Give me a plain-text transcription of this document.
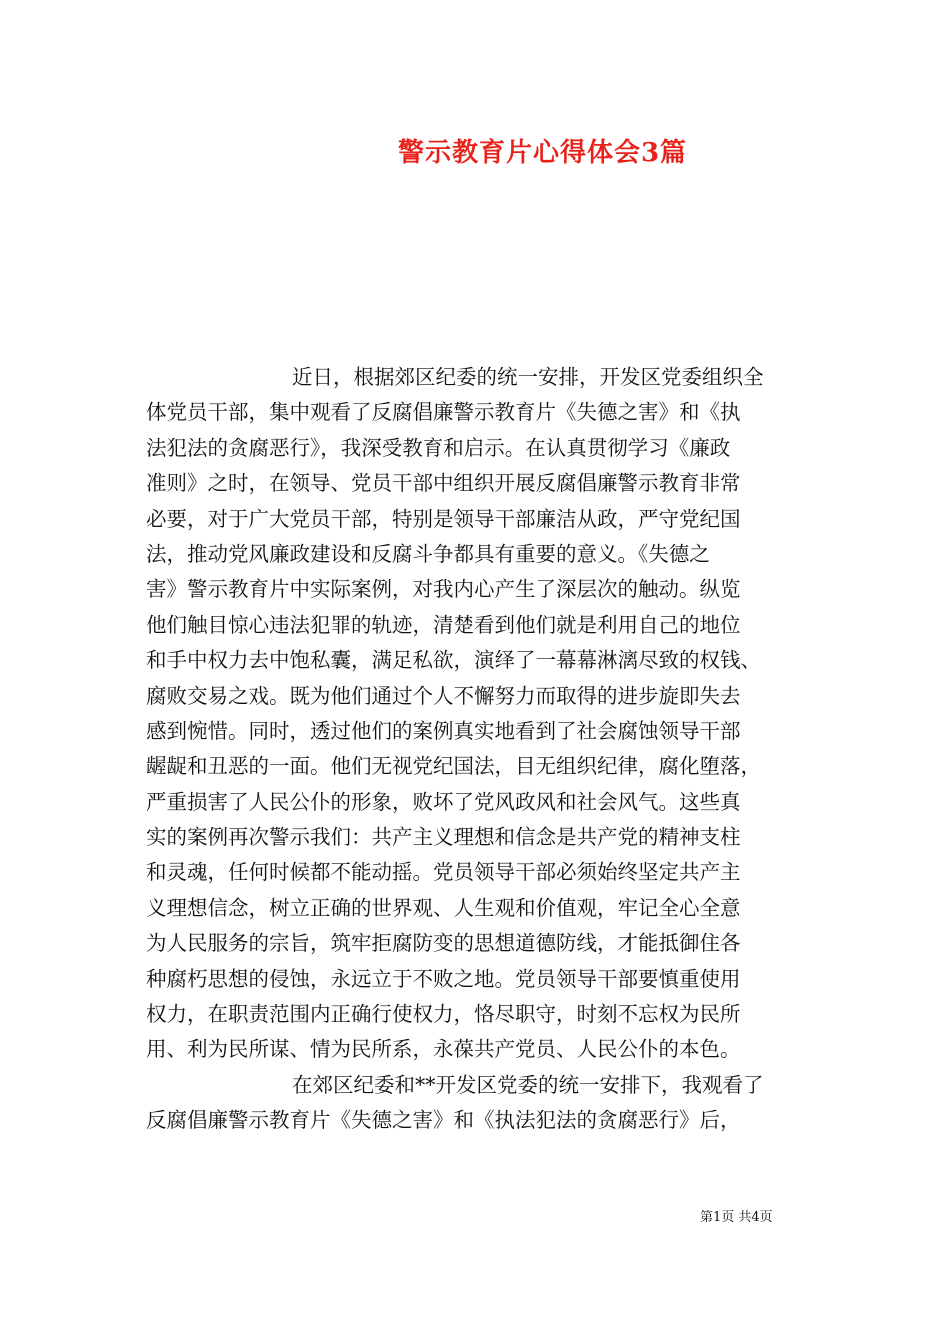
警示教育片心得体会3篇
近日，根据郊区纪委的统一安排，开发区党委组织全
体党员干部，集中观看了反腐倡廉警示教育片《失德之害》和《执
法犯法的贪腐恶行》，我深受教育和启示。在认真贯彻学习《廉政
准则》之时，在领导、党员干部中组织开展反腐倡廉警示教育非常
必要，对于广大党员干部，特别是领导干部廉洁从政，严守党纪国
法，推动党风廉政建设和反腐斗争都具有重要的意义。《失德之
害》警示教育片中实际案例，对我内心产生了深层次的触动。纵览
他们触目惊心违法犯罪的轨迹，清楚看到他们就是利用自己的地位
和手中权力去中饱私囊，满足私欲，演绎了一幕幕淋漓尽致的权钱、
腐败交易之戏。既为他们通过个人不懈努力而取得的进步旋即失去
感到惋惜。同时，透过他们的案例真实地看到了社会腐蚀领导干部
龌龊和丑恶的一面。他们无视党纪国法，目无组织纪律，腐化堕落，
严重损害了人民公仆的形象，败坏了党风政风和社会风气。这些真
实的案例再次警示我们：共产主义理想和信念是共产党的精神支柱
和灵魂，任何时候都不能动摇。党员领导干部必须始终坚定共产主
义理想信念，树立正确的世界观、人生观和价值观，牢记全心全意
为人民服务的宗旨，筑牢拒腐防变的思想道德防线，才能抵御住各
种腐朽思想的侵蚀，永远立于不败之地。党员领导干部要慎重使用
权力，在职责范围内正确行使权力，恪尽职守，时刻不忘权为民所
用、利为民所谋、情为民所系，永葆共产党员、人民公仆的本色。
在郊区纪委和**开发区党委的统一安排下，我观看了
反腐倡廉警示教育片《失德之害》和《执法犯法的贪腐恶行》后，
第1页 共4页
